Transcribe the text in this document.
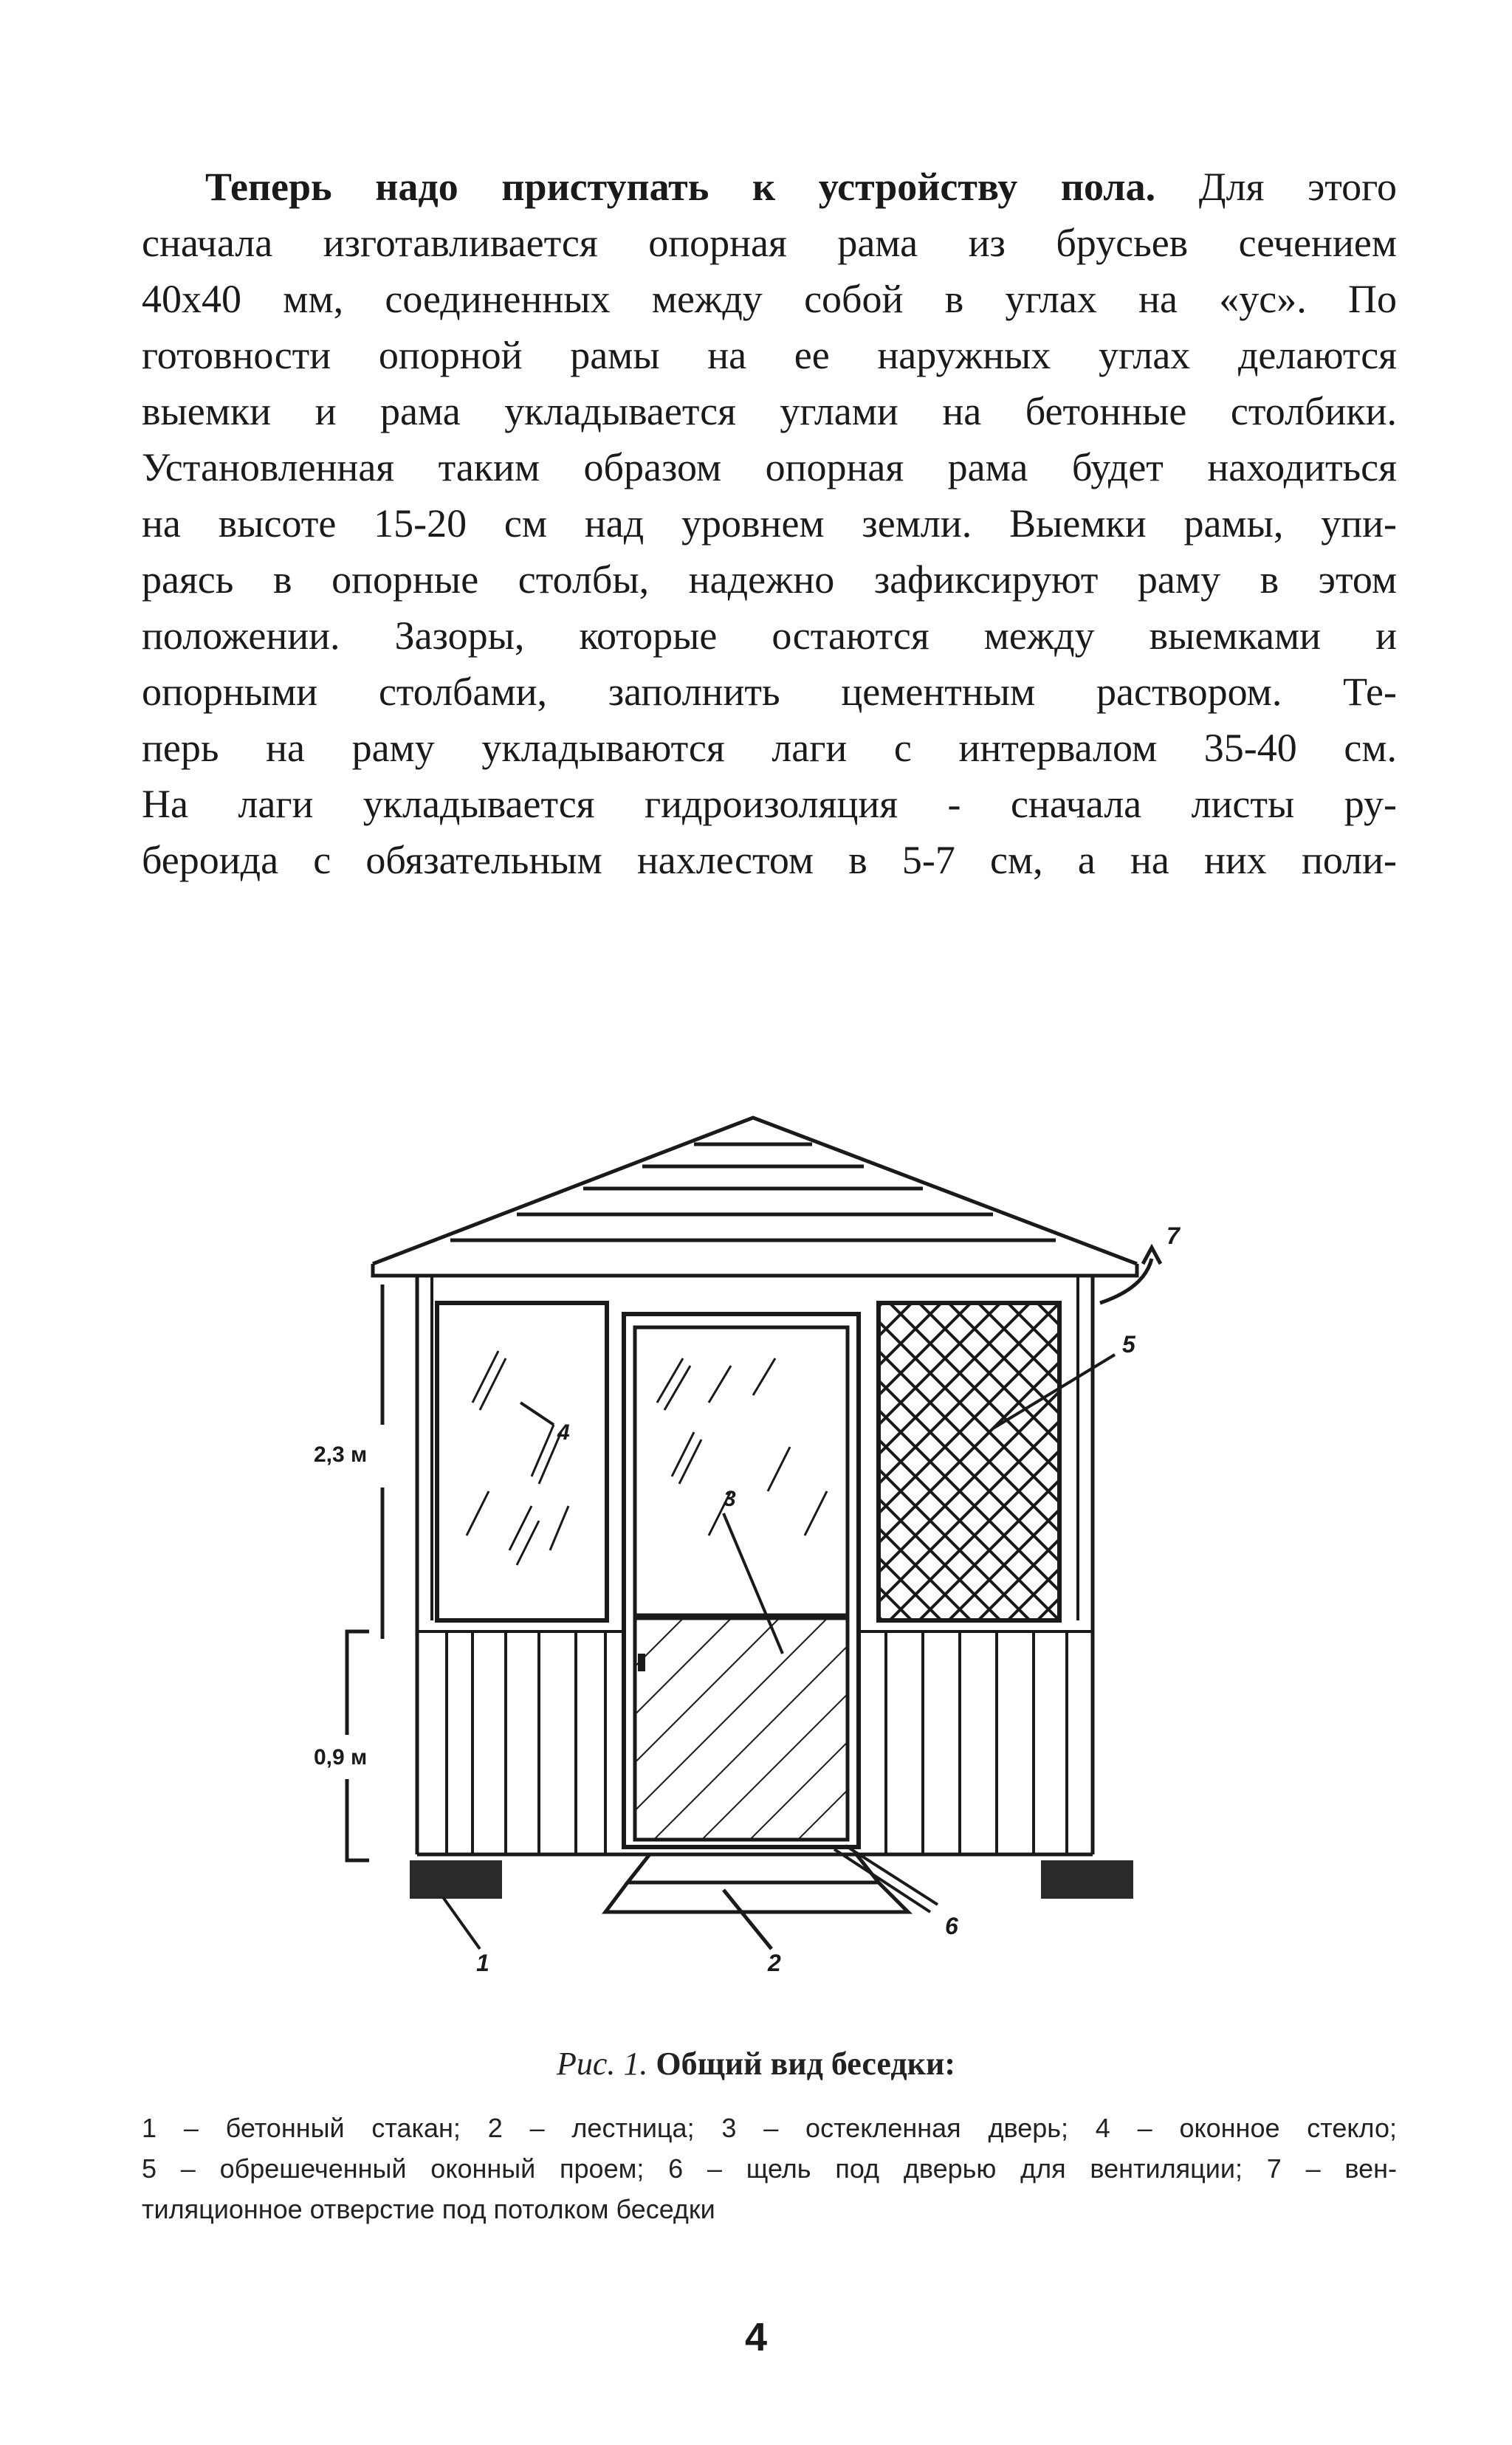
Теперь надо приступать к устройству пола. Для этого
сначала изготавливается опорная рама из брусьев сечением
40х40 мм, соединенных между собой в углах на «ус». По
готовности опорной рамы на ее наружных углах делаются
выемки и рама укладывается углами на бетонные столбики.
Установленная таким образом опорная рама будет находиться
на высоте 15-20 см над уровнем земли. Выемки рамы, упи-
раясь в опорные столбы, надежно зафиксируют раму в этом
положении. Зазоры, которые остаются между выемками и
опорными столбами, заполнить цементным раствором. Те-
перь на раму укладываются лаги с интервалом 35-40 см.
На лаги укладывается гидроизоляция - сначала листы ру-
бероида с обязательным нахлестом в 5-7 см, а на них поли-
4
3
5
7
1	2
6
2,3 м
0,9 м
Рис. 1. Общий вид беседки:
1 – бетонный стакан; 2 – лестница; 3 – остекленная дверь; 4 – оконное стекло;
5 – обрешеченный оконный проем; 6 – щель под дверью для вентиляции; 7 – вен-
тиляционное отверстие под потолком беседки
4
